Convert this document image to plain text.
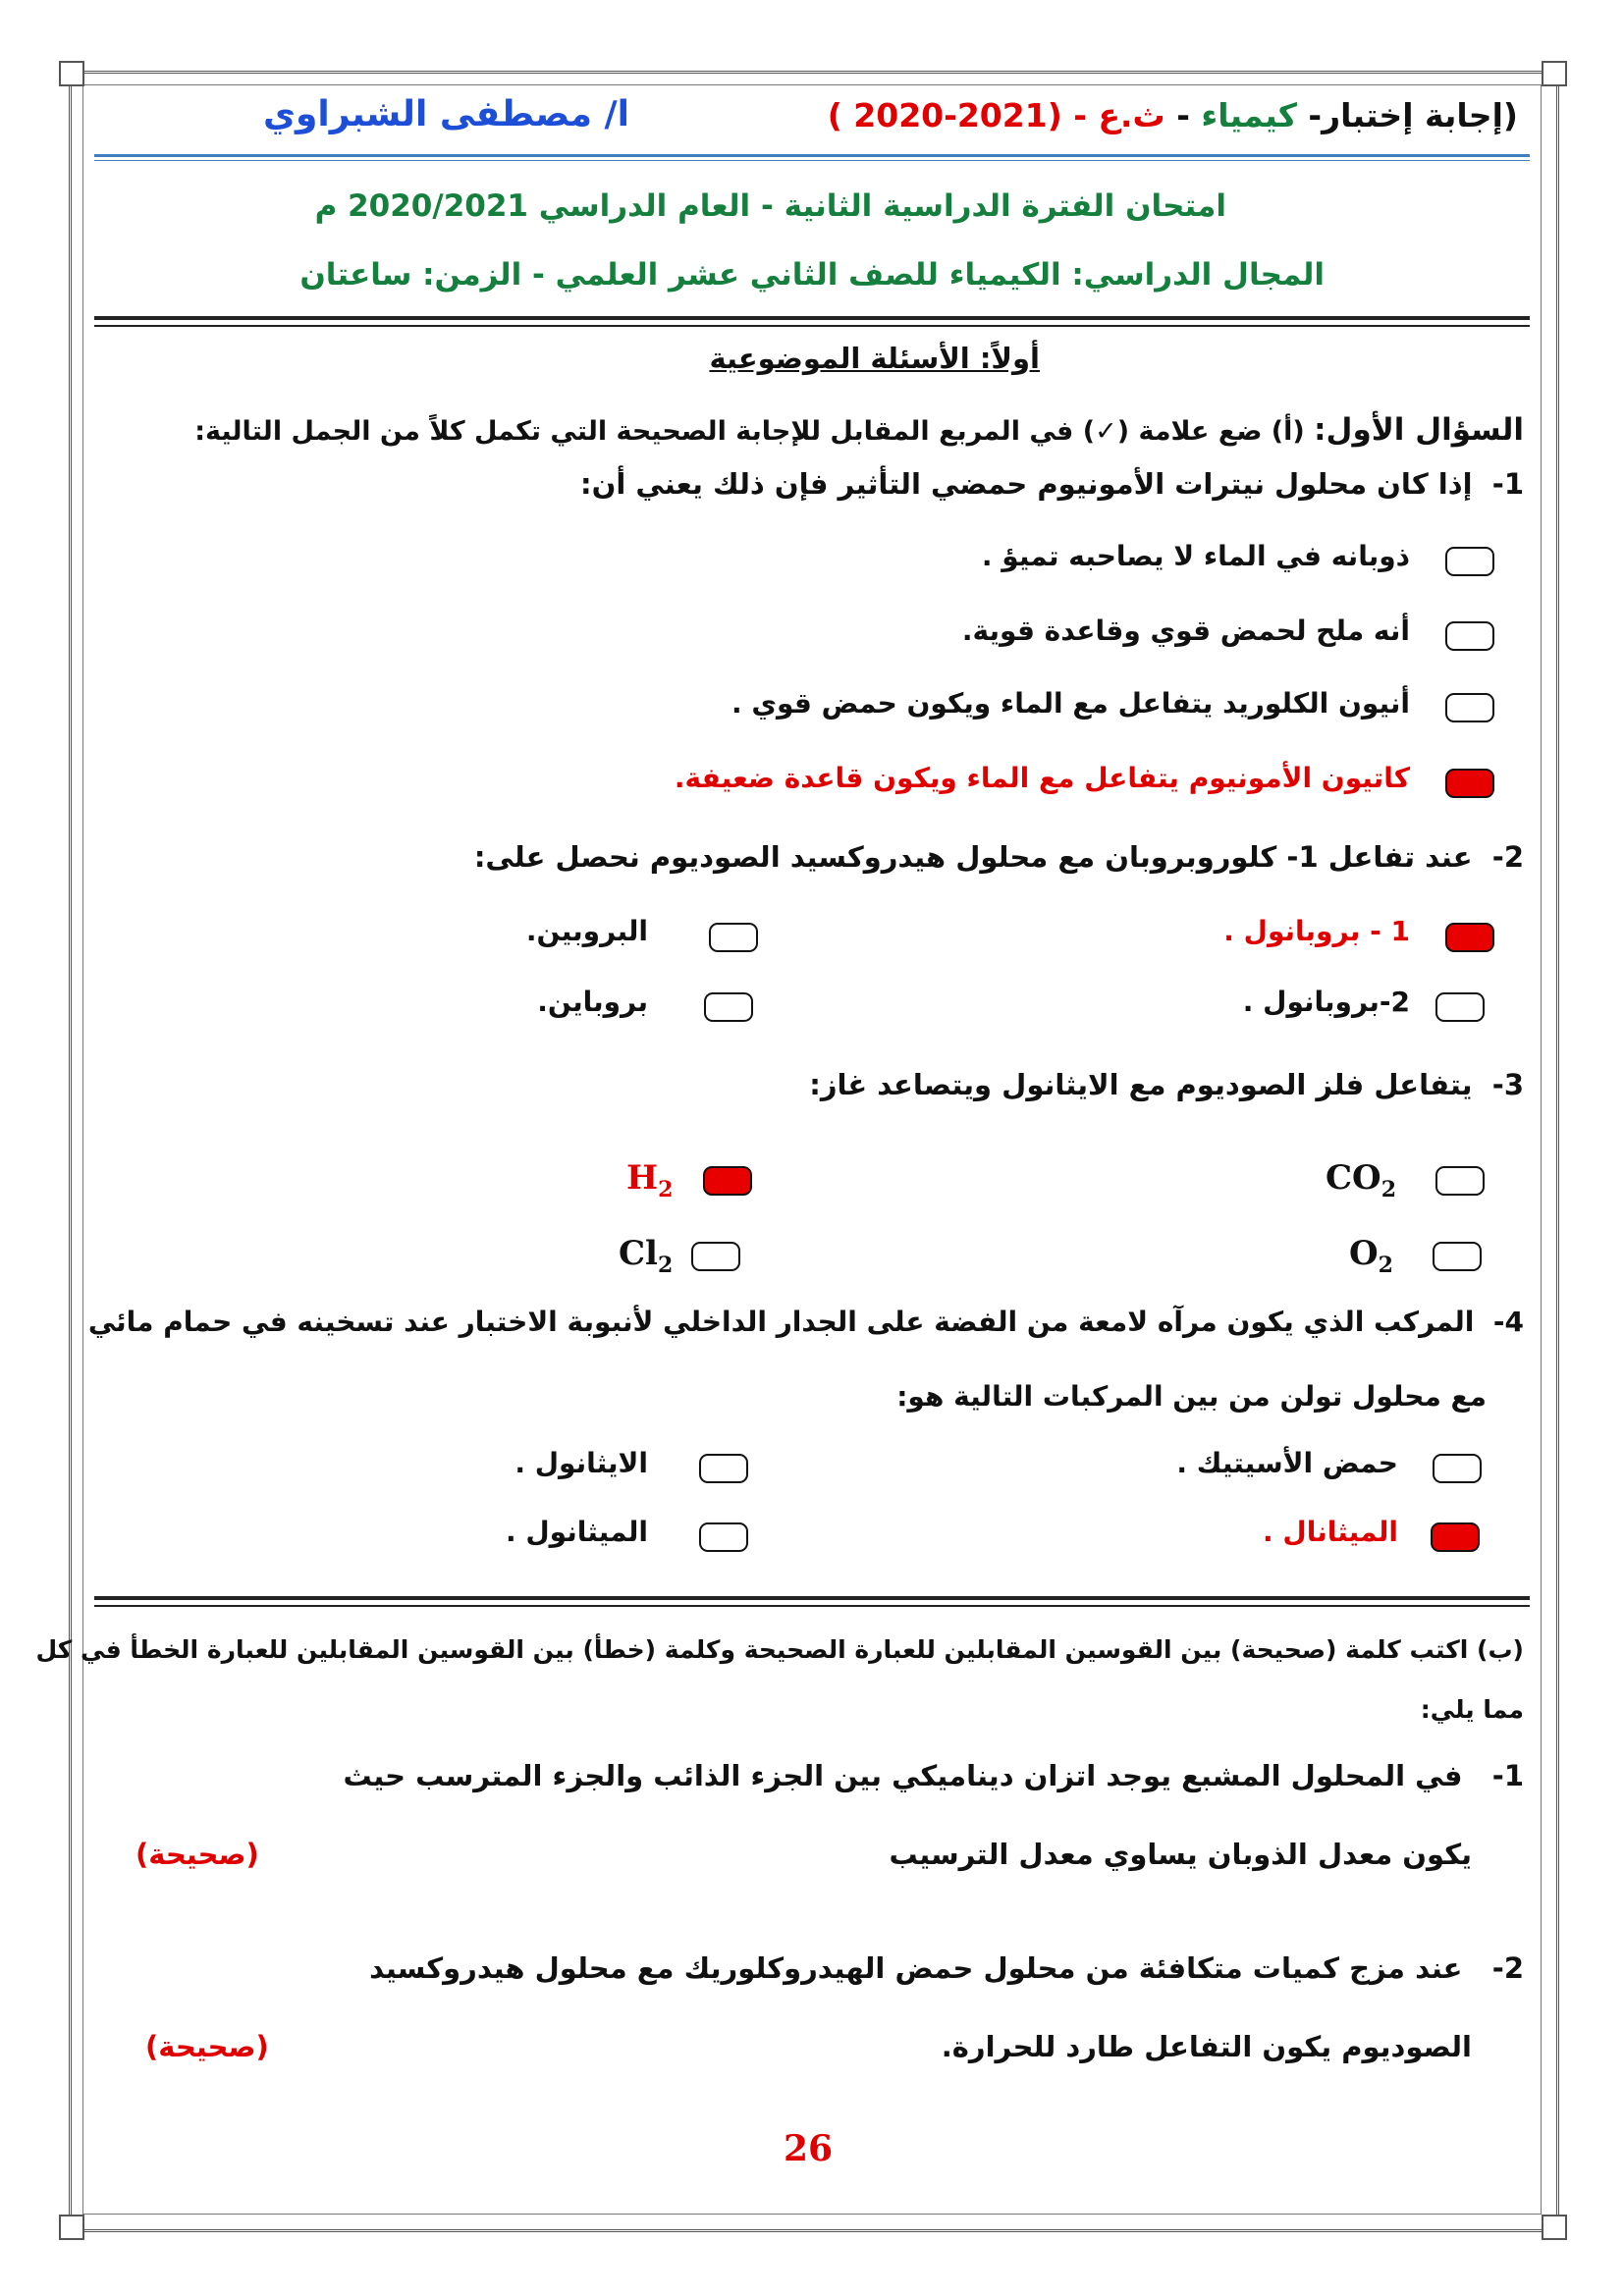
(إجابة إختبار- كيمياء - ث.ع - (2021-2020 )
ا/ مصطفى الشبراوي
امتحان الفترة الدراسية الثانية - العام الدراسي 2020/2021 م
المجال الدراسي: الكيمياء للصف الثاني عشر العلمي - الزمن: ساعتان
أولاً: الأسئلة الموضوعية
السؤال الأول: (أ) ضع علامة (✓) في المربع المقابل للإجابة الصحيحة التي تكمل كلاً من الجمل التالية:
1-  إذا كان محلول نيترات الأمونيوم حمضي التأثير فإن ذلك يعني أن:
ذوبانه في الماء لا يصاحبه تميؤ .
أنه ملح لحمض قوي وقاعدة قوية.
أنيون الكلوريد يتفاعل مع الماء ويكون حمض قوي .
كاتيون الأمونيوم يتفاعل مع الماء ويكون قاعدة ضعيفة.
2-  عند تفاعل 1- كلوروبروبان مع محلول هيدروكسيد الصوديوم نحصل على:
1 - بروبانول .
البروبين.
2-بروبانول .
بروباين.
3-  يتفاعل فلز الصوديوم مع الايثانول ويتصاعد غاز:
$CO_2$
$H_2$
$O_2$
$Cl_2$
4-  المركب الذي يكون مرآه لامعة من الفضة على الجدار الداخلي لأنبوبة الاختبار عند تسخينه في حمام مائي
مع محلول تولن من بين المركبات التالية هو:
حمض الأسيتيك .
الايثانول .
الميثانال .
الميثانول .
(ب) اكتب كلمة (صحيحة) بين القوسين المقابلين للعبارة الصحيحة وكلمة (خطأ) بين القوسين المقابلين للعبارة الخطأ في كل
مما يلي:
1-   في المحلول المشبع يوجد اتزان ديناميكي بين الجزء الذائب والجزء المترسب حيث
يكون معدل الذوبان يساوي معدل الترسيب
(صحيحة)
2-   عند مزج كميات متكافئة من محلول حمض الهيدروكلوريك مع محلول هيدروكسيد
الصوديوم يكون التفاعل طارد للحرارة.
(صحيحة)
26
